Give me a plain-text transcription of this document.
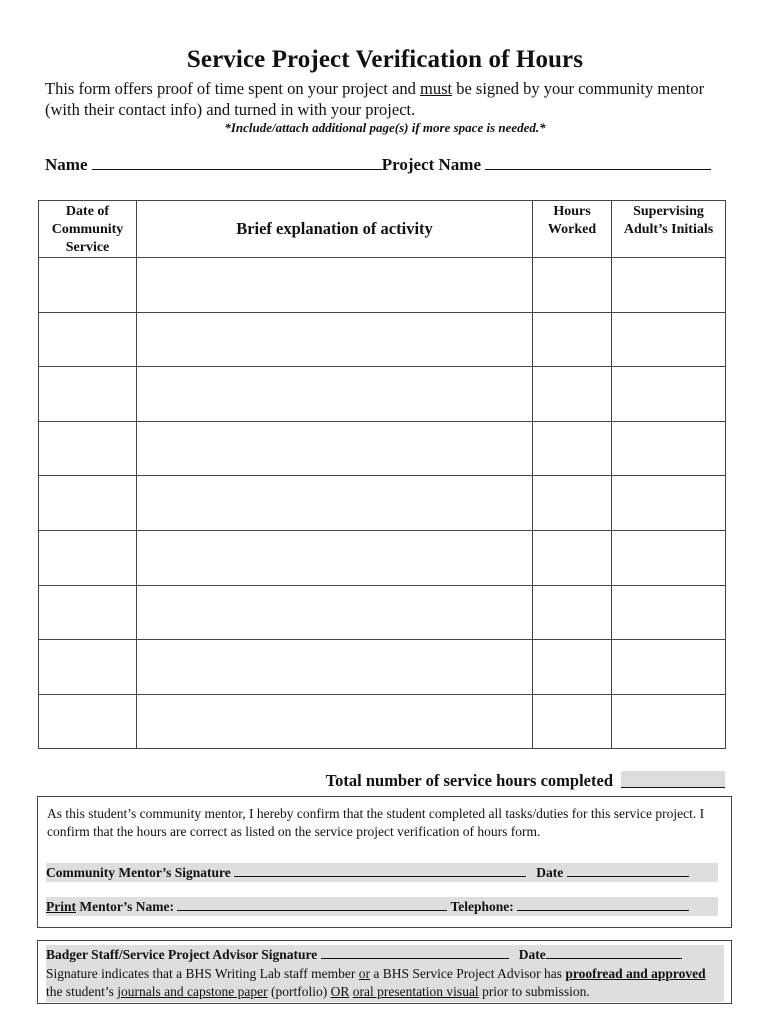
Service Project Verification of Hours
This form offers proof of time spent on your project and must be signed by your community mentor (with their contact info) and turned in with your project.
*Include/attach additional page(s) if more space is needed.*
Name	Project Name
Date of Community Service	Brief explanation of activity	Hours Worked	Supervising Adult’s Initials

Total number of service hours completed
As this student’s community mentor, I hereby confirm that the student completed all tasks/duties for this service project. I confirm that the hours are correct as listed on the service project verification of hours form.
Community Mentor’s Signature	Date
Print Mentor’s Name:	Telephone:
Badger Staff/Service Project Advisor Signature	Date
Signature indicates that a BHS Writing Lab staff member or a BHS Service Project Advisor has proofread and approved the student’s journals and capstone paper (portfolio) OR oral presentation visual prior to submission.
